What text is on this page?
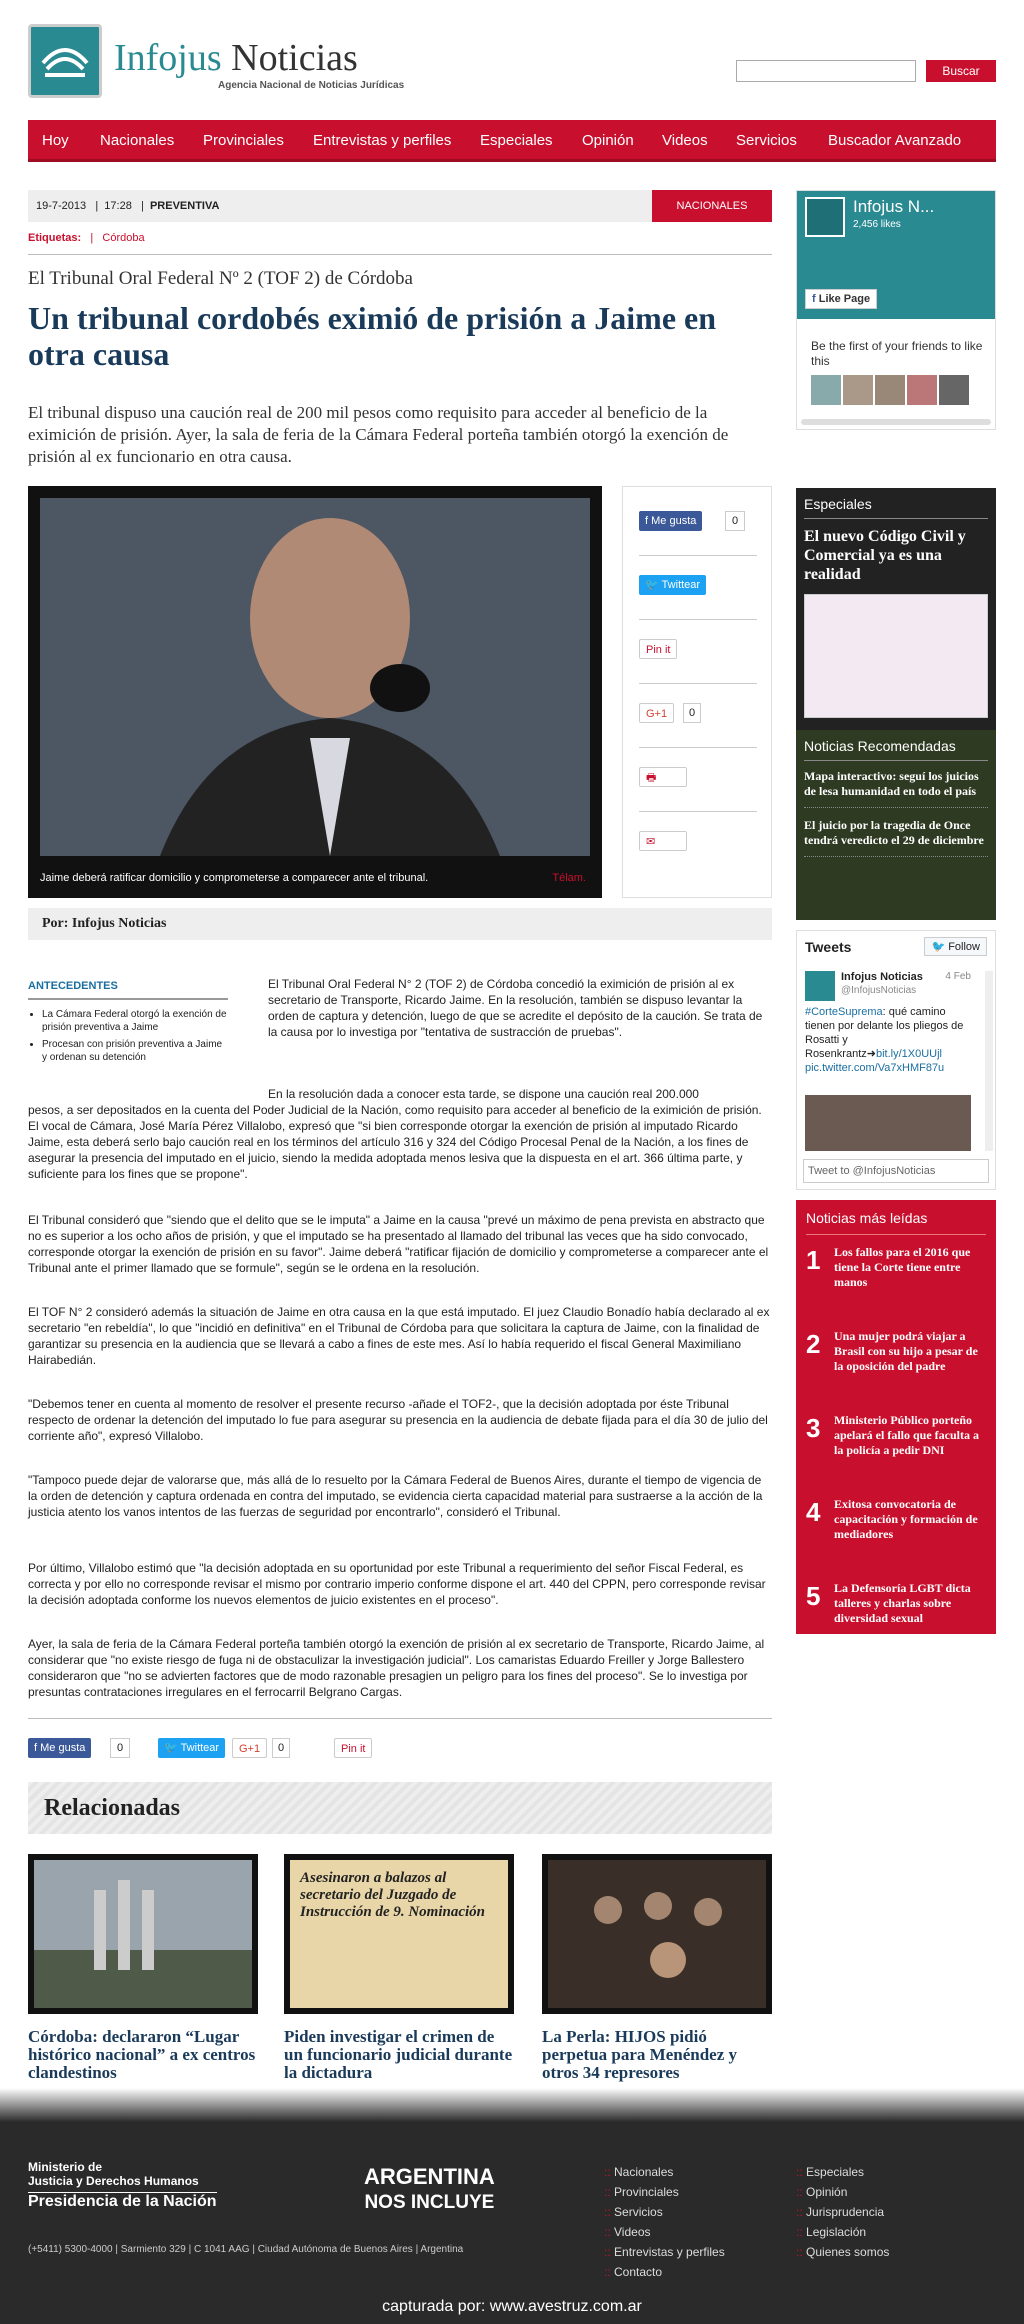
Infojus Noticias
Agencia Nacional de Noticias Jurídicas
Buscar
Hoy Nacionales Provinciales Entrevistas y perfiles Especiales Opinión Videos Servicios Buscador Avanzado
19-7-2013   |  17:28   |  PREVENTIVA	NACIONALES
Etiquetas: | Córdoba
El Tribunal Oral Federal Nº 2 (TOF 2) de Córdoba
Un tribunal cordobés eximió de prisión a Jaime en otra causa

El tribunal dispuso una caución real de 200 mil pesos como requisito para acceder al beneficio de la eximición de prisión. Ayer, la sala de feria de la Cámara Federal porteña también otorgó la exención de prisión al ex funcionario en otra causa.

Jaime deberá ratificar domicilio y comprometerse a comparecer ante el tribunal.	Télam.
f Me gusta	0
🐦 Twittear
Pin it
G+1	0
🖶
✉
Por: Infojus Noticias
ANTECEDENTES
• La Cámara Federal otorgó la exención de prisión preventiva a Jaime
• Procesan con prisión preventiva a Jaime y ordenan su detención

El Tribunal Oral Federal N° 2 (TOF 2) de Córdoba concedió la eximición de prisión al ex secretario de Transporte, Ricardo Jaime. En la resolución, también se dispuso levantar la orden de captura y detención, luego de que se acredite el depósito de la caución. Se trata de la causa por lo investiga por "tentativa de sustracción de pruebas".

En la resolución dada a conocer esta tarde, se dispone una caución real 200.000

pesos, a ser depositados en la cuenta del Poder Judicial de la Nación, como requisito para acceder al beneficio de la eximición de prisión. El vocal de Cámara, José María Pérez Villalobo, expresó que "si bien corresponde otorgar la exención de prisión al imputado Ricardo Jaime, esta deberá serlo bajo caución real en los términos del artículo 316 y 324 del Código Procesal Penal de la Nación, a los fines de asegurar la presencia del imputado en el juicio, siendo la medida adoptada menos lesiva que la dispuesta en el art. 366 última parte, y suficiente para los fines que se propone".

El Tribunal consideró que "siendo que el delito que se le imputa" a Jaime en la causa "prevé un máximo de pena prevista en abstracto que no es superior a los ocho años de prisión, y que el imputado se ha presentado al llamado del tribunal las veces que ha sido convocado, corresponde otorgar la exención de prisión en su favor". Jaime deberá "ratificar fijación de domicilio y comprometerse a comparecer ante el Tribunal ante el primer llamado que se formule", según se le ordena en la resolución.

El TOF N° 2 consideró además la situación de Jaime en otra causa en la que está imputado. El juez Claudio Bonadío había declarado al ex secretario "en rebeldía", lo que "incidió en definitiva" en el Tribunal de Córdoba para que solicitara la captura de Jaime, con la finalidad de garantizar su presencia en la audiencia que se llevará a cabo a fines de este mes. Así lo había requerido el fiscal General Maximiliano Hairabedián.

"Debemos tener en cuenta al momento de resolver el presente recurso -añade el TOF2-, que la decisión adoptada por éste Tribunal respecto de ordenar la detención del imputado lo fue para asegurar su presencia en la audiencia de debate fijada para el día 30 de julio del corriente año", expresó Villalobo.

"Tampoco puede dejar de valorarse que, más allá de lo resuelto por la Cámara Federal de Buenos Aires, durante el tiempo de vigencia de la orden de detención y captura ordenada en contra del imputado, se evidencia cierta capacidad material para sustraerse a la acción de la justicia atento los vanos intentos de las fuerzas de seguridad por encontrarlo", consideró el Tribunal.

Por último, Villalobo estimó que "la decisión adoptada en su oportunidad por este Tribunal a requerimiento del señor Fiscal Federal, es correcta y por ello no corresponde revisar el mismo por contrario imperio conforme dispone el art. 440 del CPPN, pero corresponde revisar la decisión adoptada conforme los nuevos elementos de juicio existentes en el proceso".

Ayer, la sala de feria de la Cámara Federal porteña también otorgó la exención de prisión al ex secretario de Transporte, Ricardo Jaime, al considerar que "no existe riesgo de fuga ni de obstaculizar la investigación judicial". Los camaristas Eduardo Freiller y Jorge Ballestero consideraron que "no se advierten factores que de modo razonable presagien un peligro para los fines del proceso". Se lo investiga por presuntas contrataciones irregulares en el ferrocarril Belgrano Cargas.

f Me gusta	0	🐦 Twittear	G+1	0	Pin it
Relacionadas
Córdoba: declararon “Lugar histórico nacional” a ex centros clandestinos
Asesinaron a balazos al secretario del Juzgado de Instrucción de 9. Nominación
Piden investigar el crimen de un funcionario judicial durante la dictadura
La Perla: HIJOS pidió perpetua para Menéndez y otros 34 represores
Infojus N...
2,456 likes
f Like Page
Be the first of your friends to like this
Especiales
El nuevo Código Civil y Comercial ya es una realidad
Noticias Recomendadas
Mapa interactivo: seguí los juicios de lesa humanidad en todo el país
El juicio por la tragedia de Once tendrá veredicto el 29 de diciembre
Tweets	🐦 Follow
Infojus Noticias
@InfojusNoticias
4 Feb
#CorteSuprema: qué camino tienen por delante los pliegos de Rosatti y Rosenkrantz➜bit.ly/1X0UUjl
pic.twitter.com/Va7xHMF87u
Tweet to @InfojusNoticias
Noticias más leídas
1 Los fallos para el 2016 que tiene la Corte tiene entre manos
2 Una mujer podrá viajar a Brasil con su hijo a pesar de la oposición del padre
3 Ministerio Público porteño apelará el fallo que faculta a la policía a pedir DNI
4 Exitosa convocatoria de capacitación y formación de mediadores
5 La Defensoría LGBT dicta talleres y charlas sobre diversidad sexual
Ministerio de
Justicia y Derechos Humanos
Presidencia de la Nación
ARGENTINA
NOS INCLUYE
(+5411) 5300-4000 | Sarmiento 329 | C 1041 AAG | Ciudad Autónoma de Buenos Aires | Argentina
:: Nacionales
:: Provinciales
:: Servicios
:: Videos
:: Entrevistas y perfiles
:: Contacto
:: Especiales
:: Opinión
:: Jurisprudencia
:: Legislación
:: Quienes somos
capturada por: www.avestruz.com.ar
